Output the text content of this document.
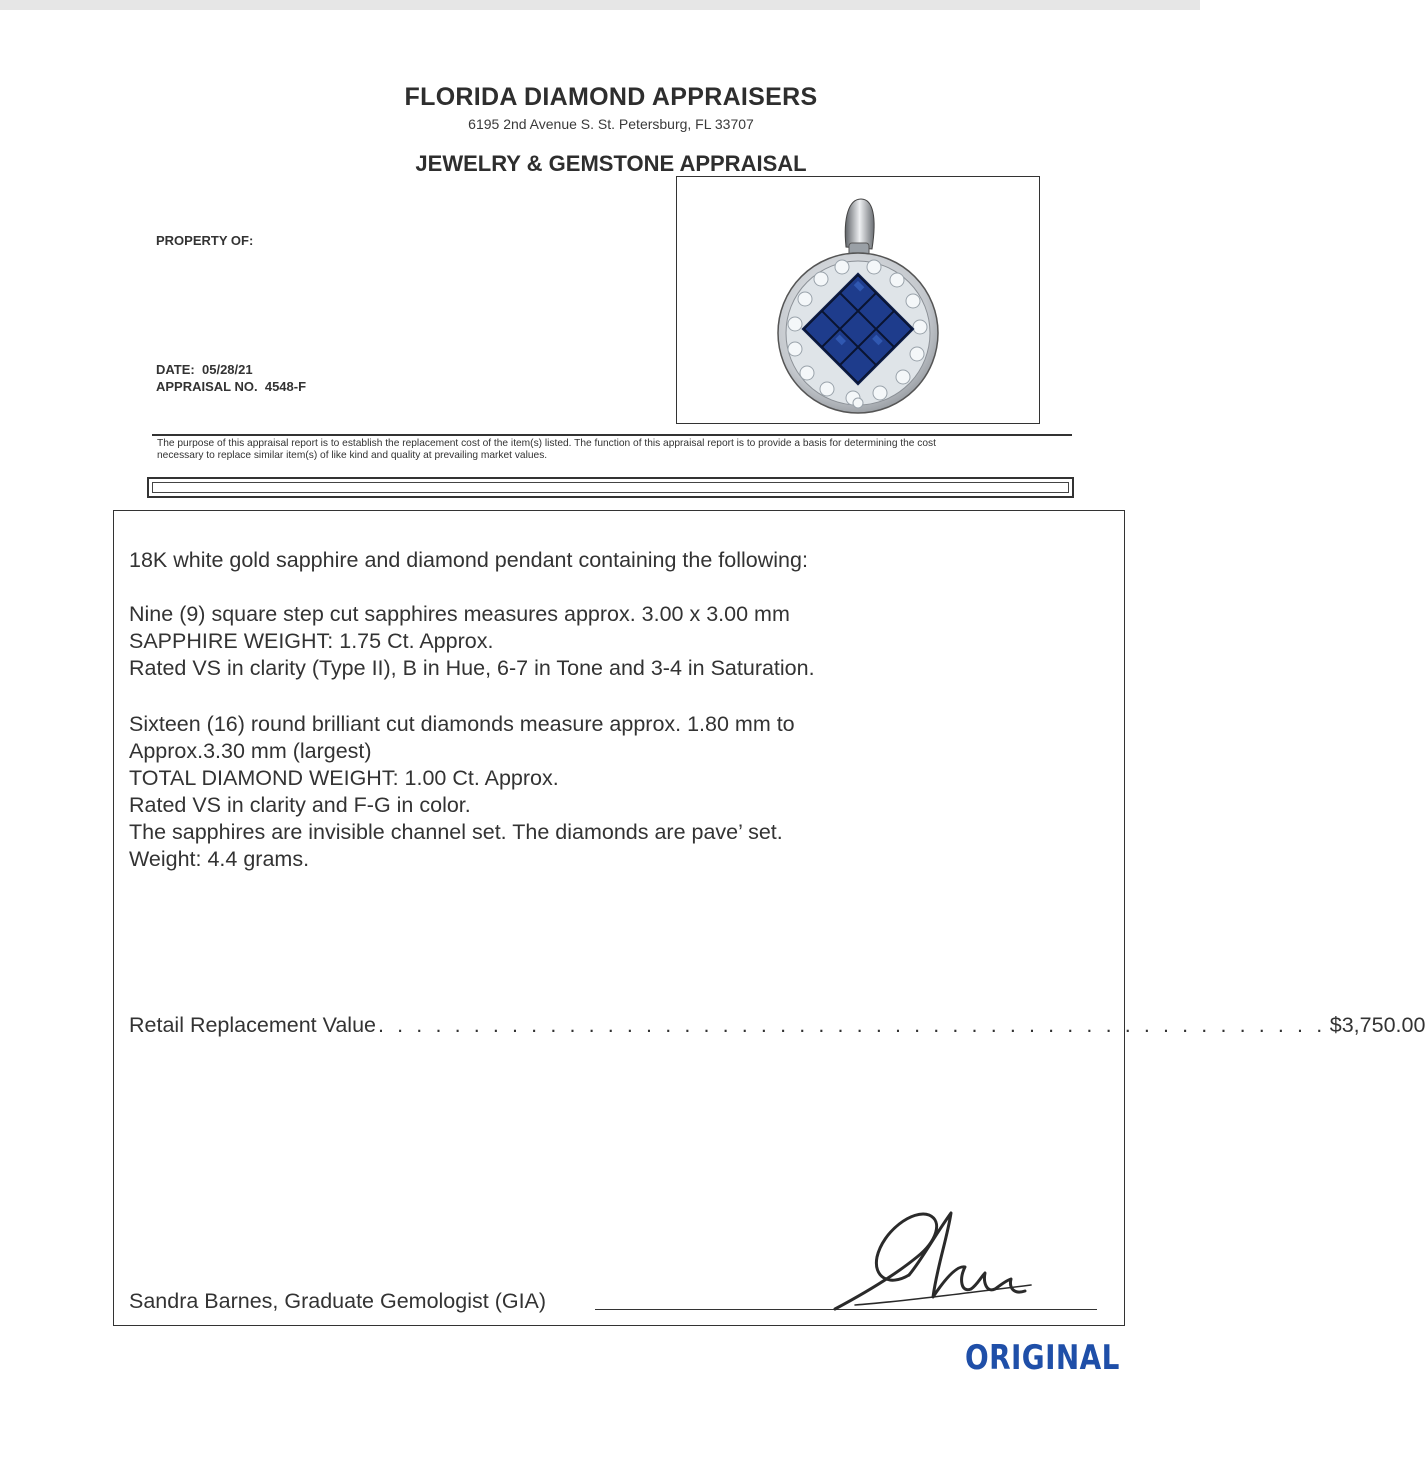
FLORIDA DIAMOND APPRAISERS
6195 2nd Avenue S. St. Petersburg, FL 33707
JEWELRY & GEMSTONE APPRAISAL
PROPERTY OF:
DATE: 05/28/21
APPRAISAL NO. 4548-F
The purpose of this appraisal report is to establish the replacement cost of the item(s) listed. The function of this appraisal report is to provide a basis for determining the cost
necessary to replace similar item(s) of like kind and quality at prevailing market values.
18K white gold sapphire and diamond pendant containing the following:
Nine (9) square step cut sapphires measures approx. 3.00 x 3.00 mm
SAPPHIRE WEIGHT: 1.75 Ct. Approx.
Rated VS in clarity (Type II), B in Hue, 6-7 in Tone and 3-4 in Saturation.
Sixteen (16) round brilliant cut diamonds measure approx. 1.80 mm to
Approx.3.30 mm (largest)
TOTAL DIAMOND WEIGHT: 1.00 Ct. Approx.
Rated VS in clarity and F-G in color.
The sapphires are invisible channel set. The diamonds are pave’ set.
Weight: 4.4 grams.
Retail Replacement Value . . . . . . . . . . . . . . . . . . . . . . . . . . . . . . . . . . . . . . . . . . . . . . . . . . $3,750.00
Sandra Barnes, Graduate Gemologist (GIA)
ORIGINAL
